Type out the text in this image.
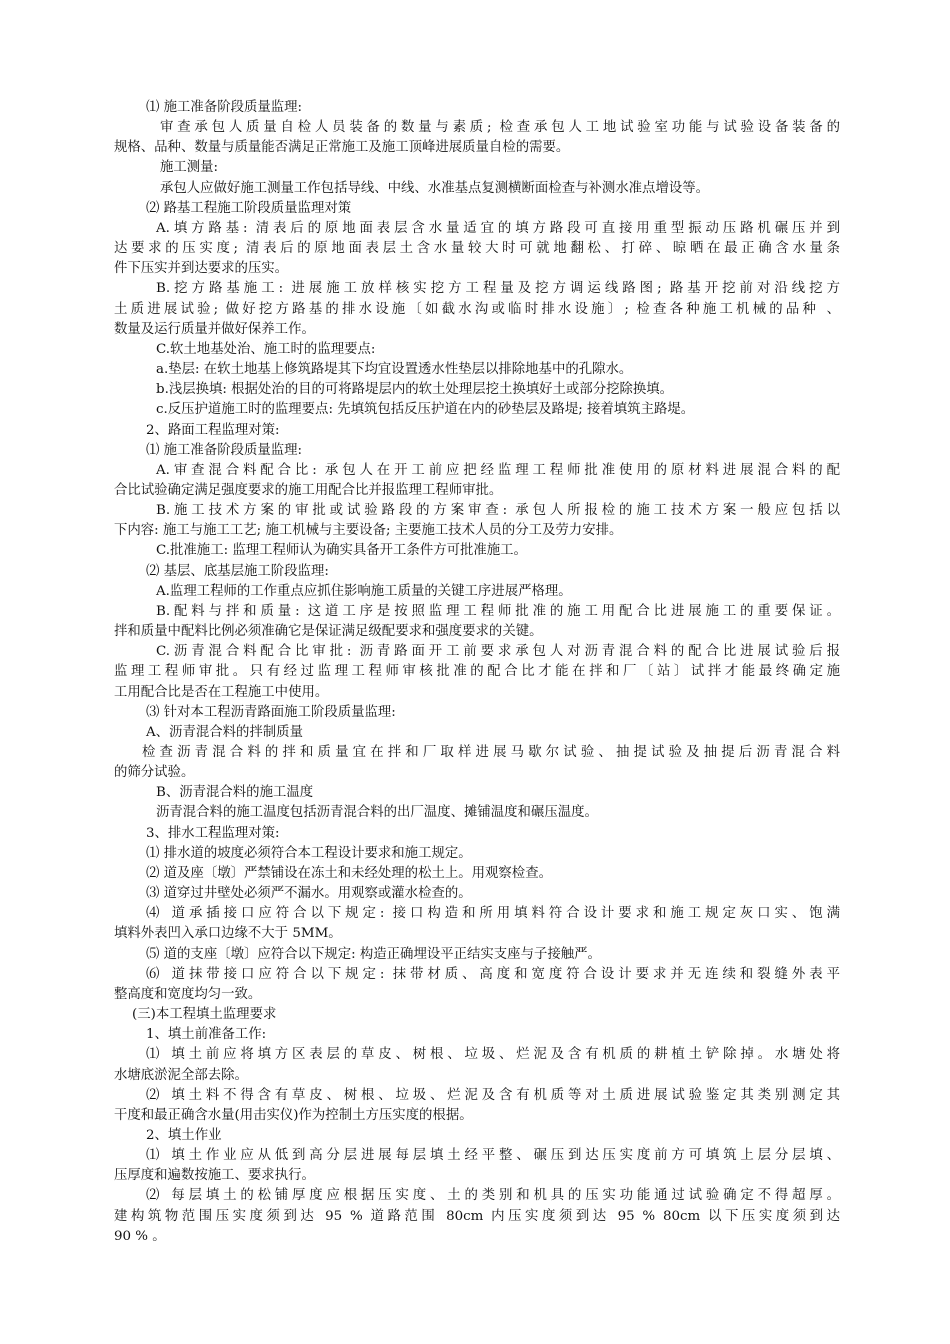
⑴ 施工准备阶段质量监理:

审查承包人质量自检人员装备的数量与素质; 检查承包人工地试验室功能与试验设备装备的

规格、品种、数量与质量能否满足正常施工及施工顶峰进展质量自检的需要。

施工测量:

承包人应做好施工测量工作包括导线、中线、水准基点复测横断面检查与补测水准点增设等。

⑵ 路基工程施工阶段质量监理对策

A.填方路基: 清表后的原地面表层含水量适宜的填方路段可直接用重型振动压路机碾压并到

达要求的压实度; 清表后的原地面表层土含水量较大时可就地翻松、打碎、晾晒在最正确含水量条

件下压实并到达要求的压实。

B.挖方路基施工: 进展施工放样核实挖方工程量及挖方调运线路图; 路基开挖前对沿线挖方

土质进展试验; 做好挖方路基的排水设施〔如截水沟或临时排水设施〕; 检查各种施工机械的品种 、

数量及运行质量并做好保养工作。

C.软土地基处治、施工时的监理要点:

a.垫层: 在软土地基上修筑路堤其下均宜设置透水性垫层以排除地基中的孔隙水。

b.浅层换填: 根据处治的目的可将路堤层内的软土处理层挖土换填好土或部分挖除换填。

c.反压护道施工时的监理要点: 先填筑包括反压护道在内的砂垫层及路堤; 接着填筑主路堤。

2、路面工程监理对策:

⑴ 施工准备阶段质量监理:

A.审查混合料配合比: 承包人在开工前应把经监理工程师批准使用的原材料进展混合料的配

合比试验确定满足强度要求的施工用配合比并报监理工程师审批。

B.施工技术方案的审批或试验路段的方案审查: 承包人所报检的施工技术方案一般应包括以

下内容: 施工与施工工艺; 施工机械与主要设备; 主要施工技术人员的分工及劳力安排。

C.批准施工: 监理工程师认为确实具备开工条件方可批准施工。

⑵ 基层、底基层施工阶段监理:

A.监理工程师的工作重点应抓住影响施工质量的关键工序进展严格理。

B.配料与拌和质量: 这道工序是按照监理工程师批准的施工用配合比进展施工的重要保证。

拌和质量中配料比例必须准确它是保证满足级配要求和强度要求的关键。

C.沥青混合料配合比审批: 沥青路面开工前要求承包人对沥青混合料的配合比进展试验后报

监理工程师审批。只有经过监理工程师审核批准的配合比才能在拌和厂〔站〕试拌才能最终确定施

工用配合比是否在工程施工中使用。

⑶ 针对本工程沥青路面施工阶段质量监理:

A、沥青混合料的拌制质量

检查沥青混合料的拌和质量宜在拌和厂取样进展马歇尔试验、抽提试验及抽提后沥青混合料

的筛分试验。

B、沥青混合料的施工温度

沥青混合料的施工温度包括沥青混合料的出厂温度、摊铺温度和碾压温度。

3、排水工程监理对策:

⑴ 排水道的坡度必须符合本工程设计要求和施工规定。

⑵ 道及座〔墩〕严禁铺设在冻土和未经处理的松土上。用观察检查。

⑶ 道穿过井壁处必须严不漏水。用观察或灌水检查的。

⑷ 道承插接口应符合以下规定: 接口构造和所用填料符合设计要求和施工规定灰口实、饱满

填料外表凹入承口边缘不大于 5MM。

⑸ 道的支座〔墩〕应符合以下规定: 构造正确埋设平正结实支座与子接触严。

⑹ 道抹带接口应符合以下规定: 抹带材质、高度和宽度符合设计要求并无连续和裂缝外表平

整高度和宽度均匀一致。

(三)本工程填土监理要求

1、填土前准备工作:

⑴ 填土前应将填方区表层的草皮、树根、垃圾、烂泥及含有机质的耕植土铲除掉。水塘处将

水塘底淤泥全部去除。

⑵ 填土料不得含有草皮、树根、垃圾、烂泥及含有机质等对土质进展试验鉴定其类别测定其

干度和最正确含水量(用击实仪)作为控制土方压实度的根据。

2、填土作业

⑴ 填土作业应从低到高分层进展每层填土经平整、碾压到达压实度前方可填筑上层分层填、

压厚度和遍数按施工、要求执行。

⑵ 每层填土的松铺厚度应根据压实度、土的类别和机具的压实功能通过试验确定不得超厚。

建构筑物范围压实度须到达 95 % 道路范围 80cm 内压实度须到达 95 % 80cm 以下压实度须到达

90 % 。
